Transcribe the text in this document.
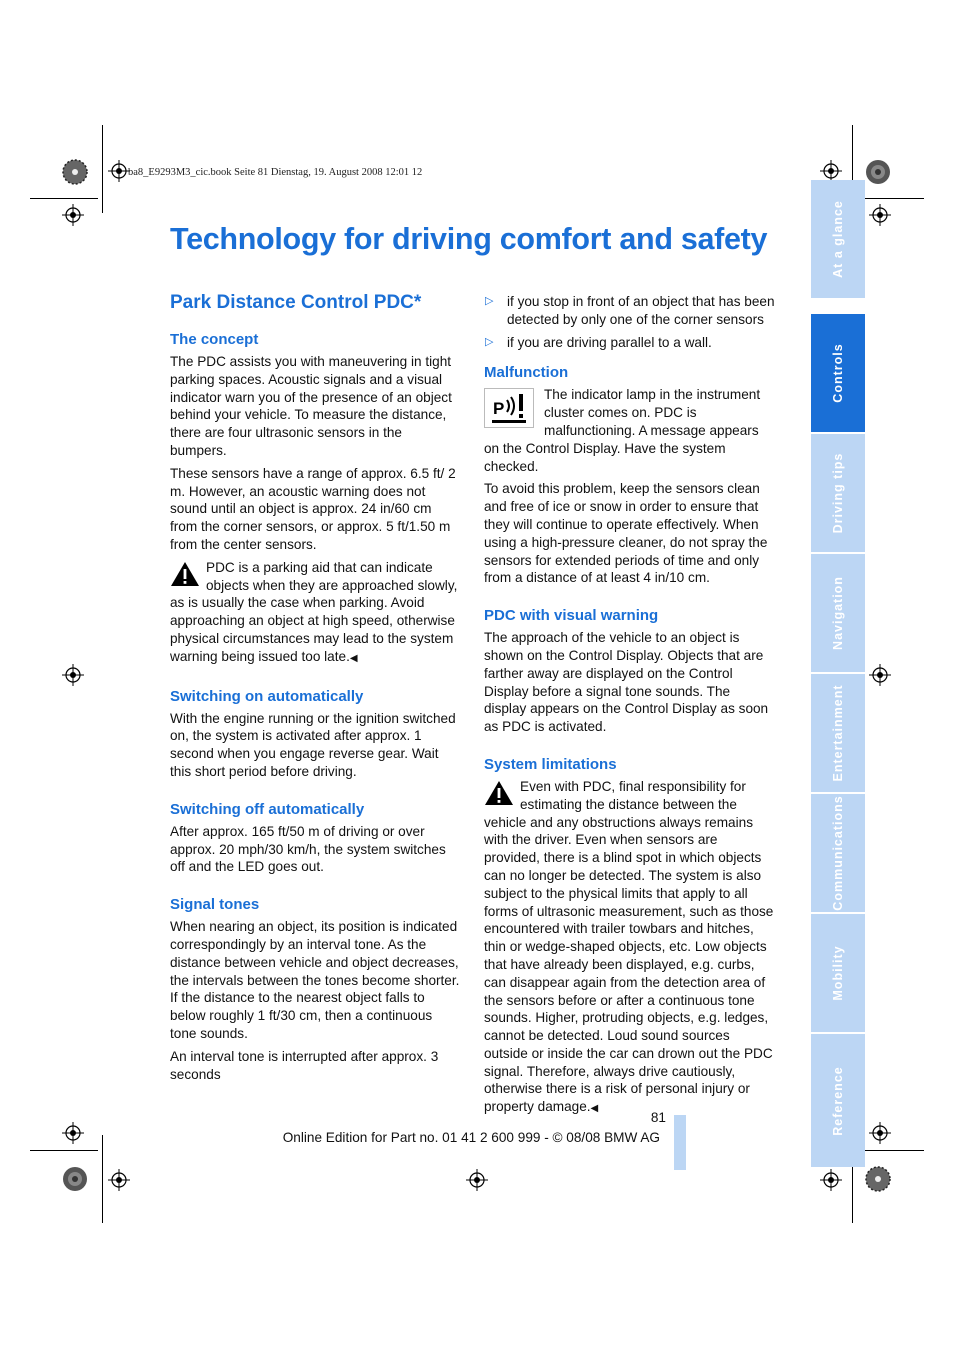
ba8_E9293M3_cic.book Seite 81 Dienstag, 19. August 2008 12:01 12
Technology for driving comfort and safety
Park Distance Control PDC*
The concept

The PDC assists you with maneuvering in tight parking spaces. Acoustic signals and a visual indicator warn you of the presence of an object behind your vehicle. To measure the distance, there are four ultrasonic sensors in the bumpers.

These sensors have a range of approx. 6.5 ft/ 2 m. However, an acoustic warning does not sound until an object is approx. 24 in/60 cm from the corner sensors, or approx. 5 ft/1.50 m from the center sensors.

PDC is a parking aid that can indicate objects when they are approached slowly, as is usually the case when parking. Avoid approaching an object at high speed, otherwise physical circumstances may lead to the system warning being issued too late.◀

Switching on automatically

With the engine running or the ignition switched on, the system is activated after approx. 1 second when you engage reverse gear. Wait this short period before driving.

Switching off automatically

After approx. 165 ft/50 m of driving or over approx. 20 mph/30 km/h, the system switches off and the LED goes out.

Signal tones

When nearing an object, its position is indicated correspondingly by an interval tone. As the distance between vehicle and object decreases, the intervals between the tones become shorter. If the distance to the nearest object falls to below roughly 1 ft/30 cm, then a continuous tone sounds.

An interval tone is interrupted after approx. 3 seconds

▷ if you stop in front of an object that has been detected by only one of the corner sensors
▷ if you are driving parallel to a wall.
Malfunction

P
The indicator lamp in the instrument cluster comes on. PDC is malfunctioning. A message appears on the Control Display. Have the system checked.

To avoid this problem, keep the sensors clean and free of ice or snow in order to ensure that they will continue to operate effectively. When using a high-pressure cleaner, do not spray the sensors for extended periods of time and only from a distance of at least 4 in/10 cm.

PDC with visual warning

The approach of the vehicle to an object is shown on the Control Display. Objects that are farther away are displayed on the Control Display before a signal tone sounds. The display appears on the Control Display as soon as PDC is activated.

System limitations

Even with PDC, final responsibility for estimating the distance between the vehicle and any obstructions always remains with the driver. Even when sensors are provided, there is a blind spot in which objects can no longer be detected. The system is also subject to the physical limits that apply to all forms of ultrasonic measurement, such as those encountered with trailer towbars and hitches, thin or wedge-shaped objects, etc. Low objects that have already been displayed, e.g. curbs, can disappear again from the detection area of the sensors before or after a continuous tone sounds. Higher, protruding objects, e.g. ledges, cannot be detected. Loud sound sources outside or inside the car can drown out the PDC signal. Therefore, always drive cautiously, otherwise there is a risk of personal injury or property damage.◀

At a glance
Controls
Driving tips
Navigation
Entertainment
Communications
Mobility
Reference
81
Online Edition for Part no. 01 41 2 600 999 - © 08/08 BMW AG
